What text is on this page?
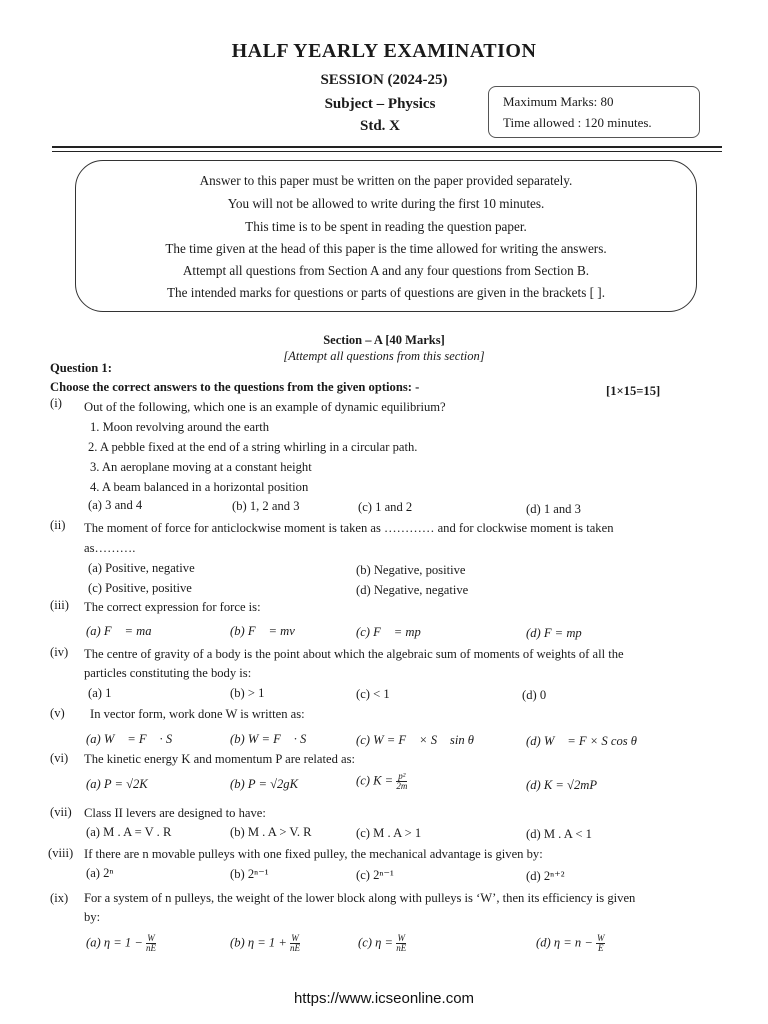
HALF YEARLY EXAMINATION
SESSION (2024-25)
Subject – Physics
Std. X
Maximum Marks: 80
Time allowed : 120 minutes.
Answer to this paper must be written on the paper provided separately.
You will not be allowed to write during the first 10 minutes.
This time is to be spent in reading the question paper.
The time given at the head of this paper is the time allowed for writing the answers.
Attempt all questions from Section A and any four questions from Section B.
The intended marks for questions or parts of questions are given in the brackets [ ].
Section – A [40 Marks]
[Attempt all questions from this section]
Question 1:
Choose the correct answers to the questions from the given options: -	[1×15=15]
(i) Out of the following, which one is an example of dynamic equilibrium?
1. Moon revolving around the earth
2. A pebble fixed at the end of a string whirling in a circular path.
3. An aeroplane moving at a constant height
4. A beam balanced in a horizontal position
(a) 3 and 4	(b) 1, 2 and 3	(c) 1 and 2	(d) 1 and 3
(ii) The moment of force for anticlockwise moment is taken as ………… and for clockwise moment is taken
as……….
(a) Positive, negative	(b) Negative, positive
(c) Positive, positive	(d) Negative, negative
(iii) The correct expression for force is:
(a) F⃗ = ma⃗	(b) F⃗ = mv⃗	(c) F⃗ = mp	(d) F = mp
(iv) The centre of gravity of a body is the point about which the algebraic sum of moments of weights of all the
particles constituting the body is:
(a) 1	(b) > 1	(c) < 1	(d) 0
(v) In vector form, work done W is written as:
(a) W⃗ = F⃗ · S⃗	(b) W = F⃗ · S⃗	(c) W = F⃗ × S⃗ sin θ	(d) W⃗ = F × S cos θ
(vi) The kinetic energy K and momentum P are related as:
(a) P = √2K	(b) P = √2gK	(c) $K = \frac{\text{p²}}{2m}$	(d) K = √2mP
(vii) Class II levers are designed to have:
(a) M . A = V . R	(b) M . A > V. R	(c) M . A > 1	(d) M . A < 1
(viii) If there are n movable pulleys with one fixed pulley, the mechanical advantage is given by:
(a) 2ⁿ	(b) 2ⁿ⁻¹	(c) 2ⁿ⁻¹	(d) 2ⁿ⁺²
(ix) For a system of n pulleys, the weight of the lower block along with pulleys is ‘W’, then its efficiency is given
by:
(a) $\eta = 1 - \frac{W}{nE}$	(b) $\eta = 1 + \frac{W}{nE}$	(c) $\eta = \frac{W}{nE}$	(d) $\eta = n - \frac{W}{E}$
https://www.icseonline.com
